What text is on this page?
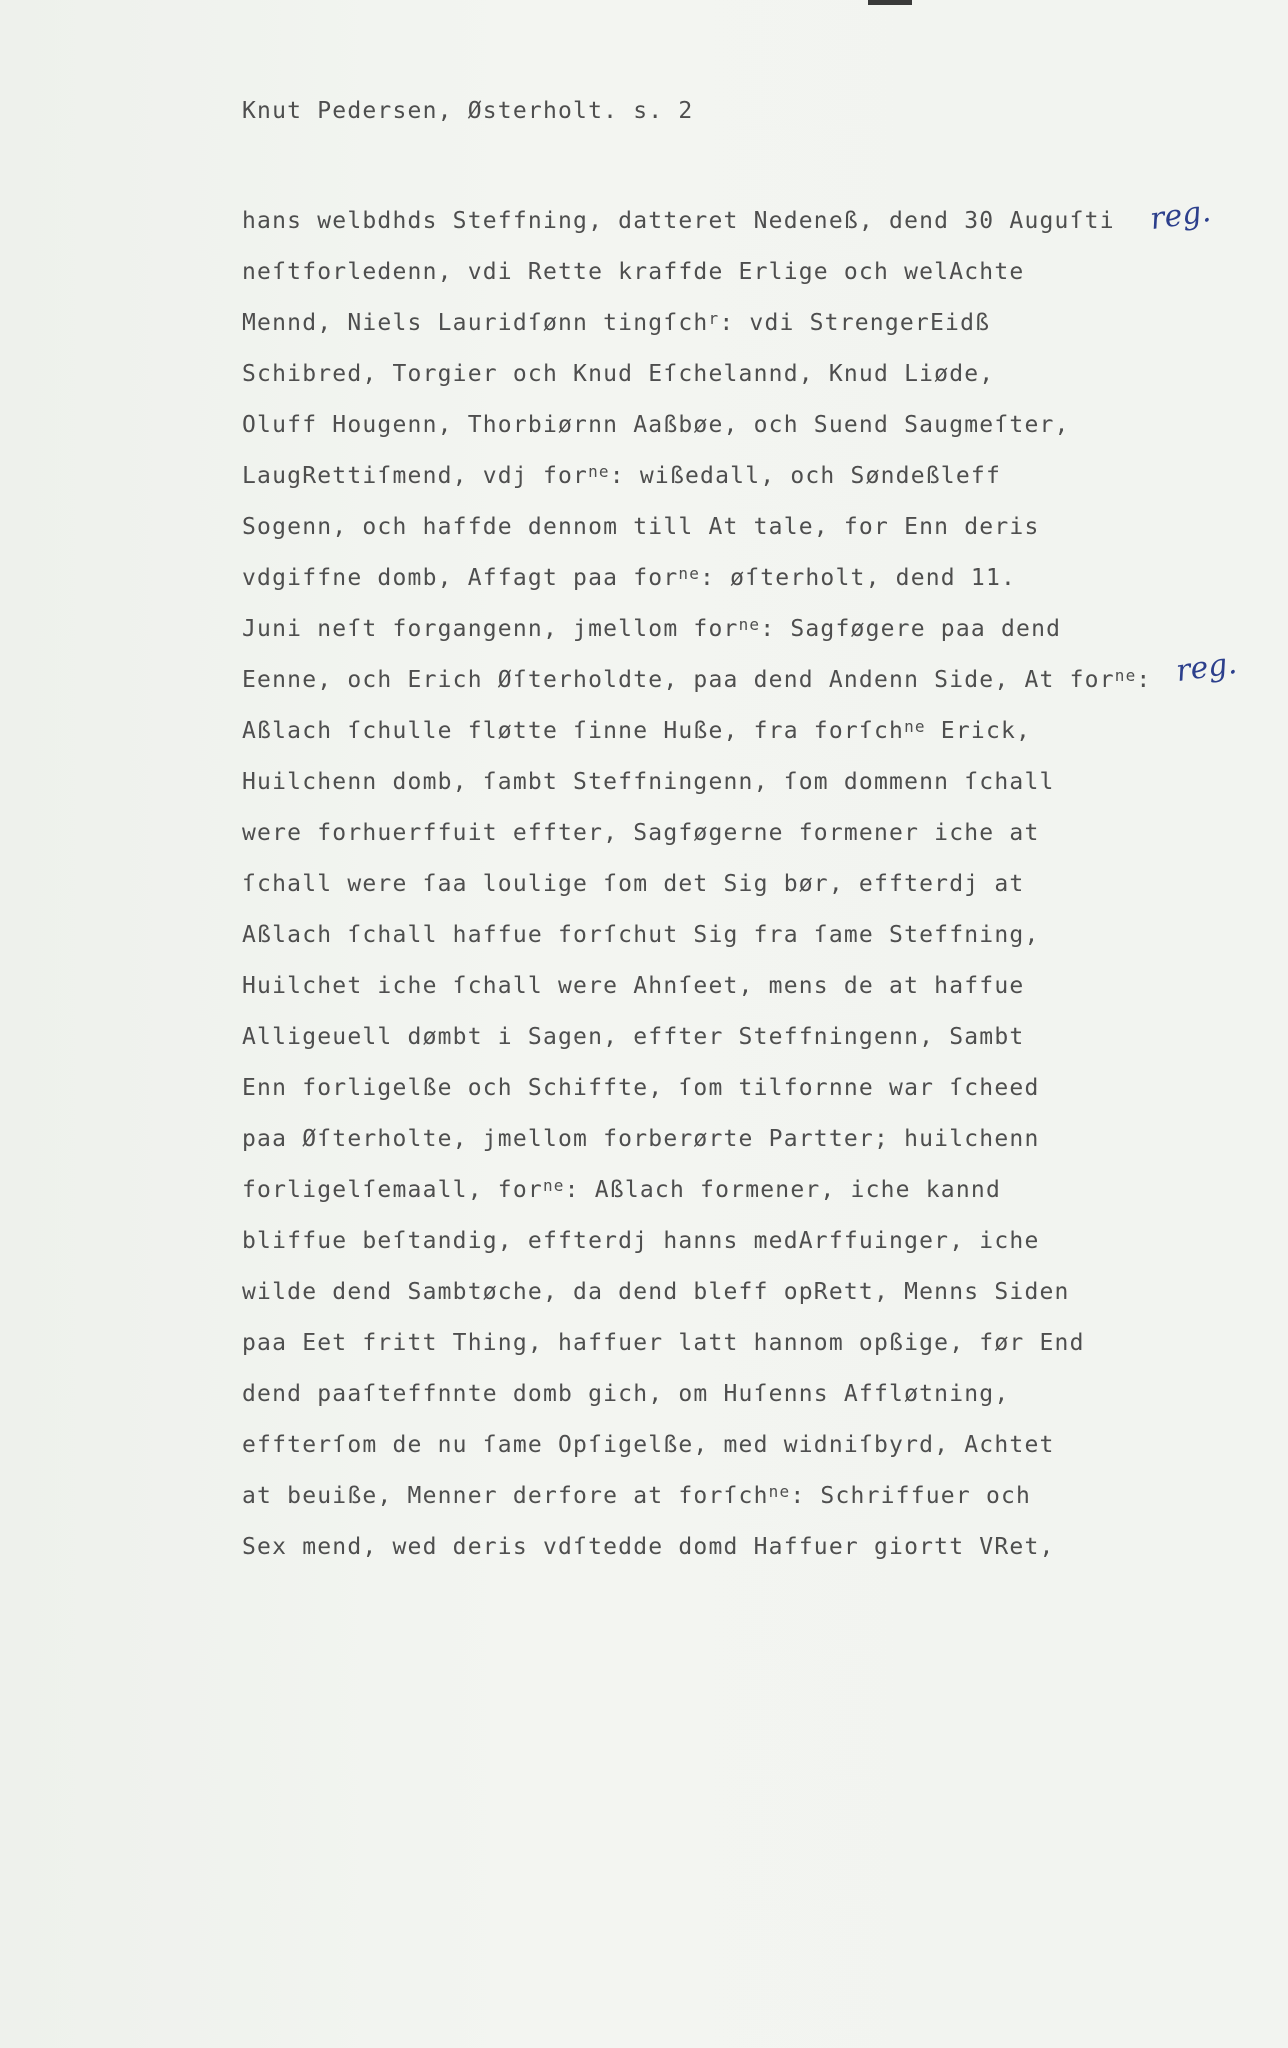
Knut Pedersen, Østerholt. s. 2
hans welbdhds Steffning, datteret Nedeneß, dend 30 Auguſti
neſtforledenn, vdi Rette kraffde Erlige och welAchte
Mennd, Niels Lauridſønn tingſch$^r$: vdi StrengerEidß
Schibred, Torgier och Knud Eſchelannd, Knud Liøde,
Oluff Hougenn, Thorbiørnn Aaßbøe, och Suend Saugmeſter,
LaugRettiſmend, vdj for$^{ne}$: wißedall, och Søndeßleff
Sogenn, och haffde dennom till At tale, for Enn deris
vdgiffne domb, Affagt paa for$^{ne}$: øſterholt, dend 11.
Juni neſt forgangenn, jmellom for$^{ne}$: Sagføgere paa dend
Eenne, och Erich Øſterholdte, paa dend Andenn Side, At for$^{ne}$:
Aßlach ſchulle fløtte ſinne Huße, fra forſch$^{ne}$ Erick,
Huilchenn domb, ſambt Steffningenn, ſom dommenn ſchall
were forhuerffuit effter, Sagføgerne formener iche at
ſchall were ſaa loulige ſom det Sig bør, effterdj at
Aßlach ſchall haffue forſchut Sig fra ſame Steffning,
Huilchet iche ſchall were Ahnſeet, mens de at haffue
Alligeuell dømbt i Sagen, effter Steffningenn, Sambt
Enn forligelße och Schiffte, ſom tilfornne war ſcheed
paa Øſterholte, jmellom forberørte Partter; huilchenn
forligelſemaall, for$^{ne}$: Aßlach formener, iche kannd
bliffue beſtandig, effterdj hanns medArffuinger, iche
wilde dend Sambtøche, da dend bleff opRett, Menns Siden
paa Eet fritt Thing, haffuer latt hannom opßige, før End
dend paaſteffnnte domb gich, om Huſenns Affløtning,
effterſom de nu ſame Opſigelße, med widniſbyrd, Achtet
at beuiße, Menner derfore at forſch$^{ne}$: Schriffuer och
Sex mend, wed deris vdſtedde domd Haffuer giortt VRet,
reg.
reg.
